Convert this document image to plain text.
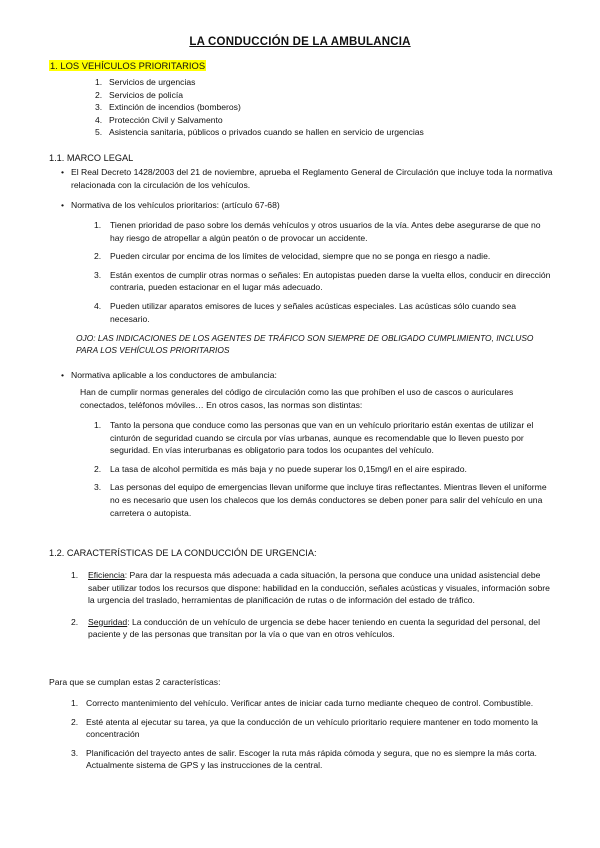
LA CONDUCCIÓN DE LA AMBULANCIA
1. LOS VEHÍCULOS PRIORITARIOS
1. Servicios de urgencias
2. Servicios de policía
3. Extinción de incendios (bomberos)
4. Protección Civil y Salvamento
5. Asistencia sanitaria, públicos o privados cuando se hallen en servicio de urgencias
1.1. MARCO LEGAL
• El Real Decreto 1428/2003 del 21 de noviembre, aprueba el Reglamento General de Circulación que incluye toda la normativa relacionada con la circulación de los vehículos.
• Normativa de los vehículos prioritarios: (artículo 67-68)
1. Tienen prioridad de paso sobre los demás vehículos y otros usuarios de la vía. Antes debe asegurarse de que no hay riesgo de atropellar a algún peatón o de provocar un accidente.
2. Pueden circular por encima de los límites de velocidad, siempre que no se ponga en riesgo a nadie.
3. Están exentos de cumplir otras normas o señales: En autopistas pueden darse la vuelta ellos, conducir en dirección contraria, pueden estacionar en el lugar más adecuado.
4. Pueden utilizar aparatos emisores de luces y señales acústicas especiales. Las acústicas sólo cuando sea necesario.
OJO: LAS INDICACIONES DE LOS AGENTES DE TRÁFICO SON SIEMPRE DE OBLIGADO CUMPLIMIENTO, INCLUSO PARA LOS VEHÍCULOS PRIORITARIOS
• Normativa aplicable a los conductores de ambulancia:
Han de cumplir normas generales del código de circulación como las que prohíben el uso de cascos o auriculares conectados, teléfonos móviles… En otros casos, las normas son distintas:
1. Tanto la persona que conduce como las personas que van en un vehículo prioritario están exentas de utilizar el cinturón de seguridad cuando se circula por vías urbanas, aunque es recomendable que lo lleven puesto por seguridad. En vías interurbanas es obligatorio para todos los ocupantes del vehículo.
2. La tasa de alcohol permitida es más baja y no puede superar los 0,15mg/l en el aire espirado.
3. Las personas del equipo de emergencias llevan uniforme que incluye tiras reflectantes. Mientras lleven el uniforme no es necesario que usen los chalecos que los demás conductores se deben poner para salir del vehículo en una carretera o autopista.
1.2. CARACTERÍSTICAS DE LA CONDUCCIÓN DE URGENCIA:
1. Eficiencia: Para dar la respuesta más adecuada a cada situación, la persona que conduce una unidad asistencial debe saber utilizar todos los recursos que dispone: habilidad en la conducción, señales acústicas y visuales, información sobre la urgencia del traslado, herramientas de planificación de rutas o de información del estado de tráfico.
2. Seguridad: La conducción de un vehículo de urgencia se debe hacer teniendo en cuenta la seguridad del personal, del paciente y de las personas que transitan por la vía o que van en otros vehículos.
Para que se cumplan estas 2 características:
1. Correcto mantenimiento del vehículo. Verificar antes de iniciar cada turno mediante chequeo de control. Combustible.
2. Esté atenta al ejecutar su tarea, ya que la conducción de un vehículo prioritario requiere mantener en todo momento la concentración
3. Planificación del trayecto antes de salir. Escoger la ruta más rápida cómoda y segura, que no es siempre la más corta. Actualmente sistema de GPS y las instrucciones de la central.
